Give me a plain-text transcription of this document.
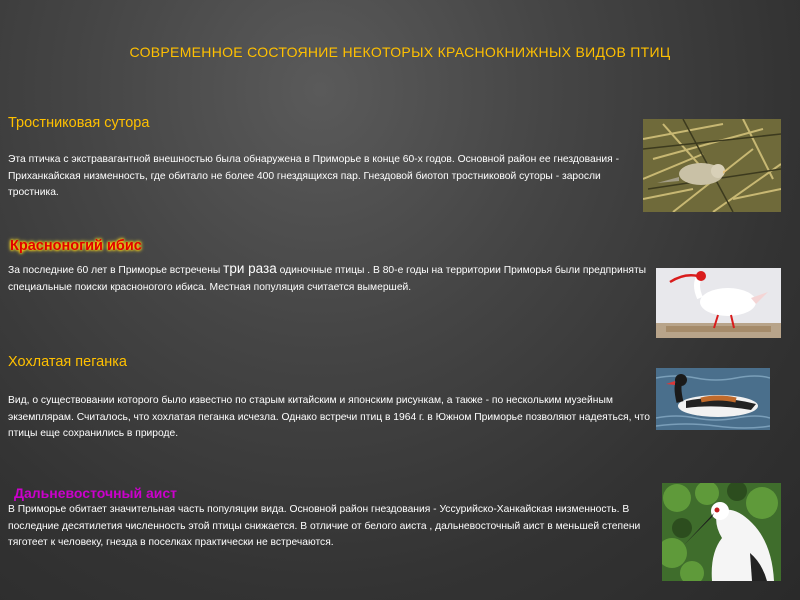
СОВРЕМЕННОЕ СОСТОЯНИЕ НЕКОТОРЫХ КРАСНОКНИЖНЫХ ВИДОВ ПТИЦ
Тростниковая сутора
Эта птичка с экстравагантной внешностью была обнаружена в Приморье в конце 60-х годов. Основной район ее гнездования - Приханкайская низменность, где обитало не более 400 гнездящихся пар. Гнездовой биотоп тростниковой суторы - заросли тростника.
Красноногий ибис
За последние 60 лет в Приморье встречены три раза одиночные птицы . В 80-е годы на территории Приморья были предприняты специальные поиски красноногого ибиса. Местная популяция считается вымершей.
Хохлатая пеганка
Вид, о существовании которого было известно по старым китайским и японским рисункам, а также - по нескольким музейным экземплярам. Считалось, что хохлатая пеганка исчезла. Однако встречи птиц в 1964 г. в Южном Приморье позволяют надеяться, что птицы еще сохранились в природе.
Дальневосточный аист
В Приморье обитает значительная часть популяции вида. Основной район гнездования - Уссурийско-Ханкайская низменность. В последние десятилетия численность этой птицы снижается. В отличие от белого аиста , дальневосточный аист в меньшей степени тяготеет к человеку, гнезда в поселках практически не встречаются.
